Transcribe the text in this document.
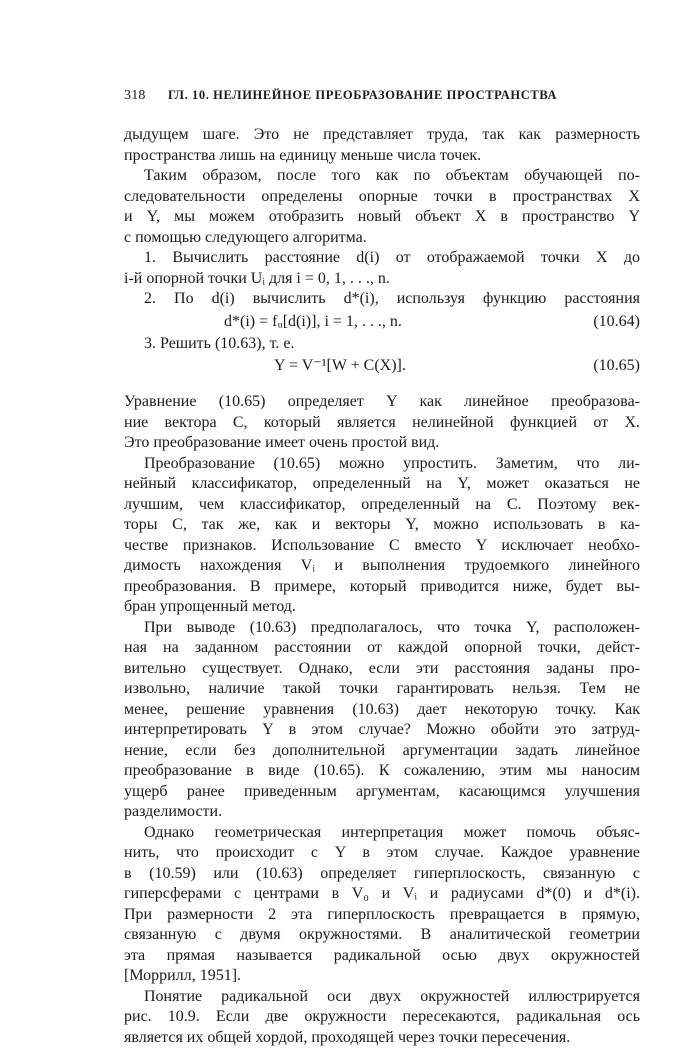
318 ГЛ. 10. НЕЛИНЕЙНОЕ ПРЕОБРАЗОВАНИЕ ПРОСТРАНСТВА
дыдущем шаге. Это не представляет труда, так как размерность
пространства лишь на единицу меньше числа точек.
Таким образом, после того как по объектам обучающей по-
следовательности определены опорные точки в пространствах X
и Y, мы можем отобразить новый объект X в пространство Y
с помощью следующего алгоритма.
1. Вычислить расстояние d(i) от отображаемой точки X до
i-й опорной точки Uᵢ для i = 0, 1, . . ., n.
2. По d(i) вычислить d*(i), используя функцию расстояния
d*(i) = fᵤ[d(i)], i = 1, . . ., n.	(10.64)
3. Решить (10.63), т. е.
Y = V⁻¹[W + C(X)].	(10.65)
Уравнение (10.65) определяет Y как линейное преобразова-
ние вектора C, который является нелинейной функцией от X.
Это преобразование имеет очень простой вид.
Преобразование (10.65) можно упростить. Заметим, что ли-
нейный классификатор, определенный на Y, может оказаться не
лучшим, чем классификатор, определенный на C. Поэтому век-
торы C, так же, как и векторы Y, можно использовать в ка-
честве признаков. Использование C вместо Y исключает необхо-
димость нахождения Vᵢ и выполнения трудоемкого линейного
преобразования. В примере, который приводится ниже, будет вы-
бран упрощенный метод.
При выводе (10.63) предполагалось, что точка Y, расположен-
ная на заданном расстоянии от каждой опорной точки, дейст-
вительно существует. Однако, если эти расстояния заданы про-
извольно, наличие такой точки гарантировать нельзя. Тем не
менее, решение уравнения (10.63) дает некоторую точку. Как
интерпретировать Y в этом случае? Можно обойти это затруд-
нение, если без дополнительной аргументации задать линейное
преобразование в виде (10.65). К сожалению, этим мы наносим
ущерб ранее приведенным аргументам, касающимся улучшения
разделимости.
Однако геометрическая интерпретация может помочь объяс-
нить, что происходит с Y в этом случае. Каждое уравнение
в (10.59) или (10.63) определяет гиперплоскость, связанную с
гиперсферами с центрами в V₀ и Vᵢ и радиусами d*(0) и d*(i).
При размерности 2 эта гиперплоскость превращается в прямую,
связанную с двумя окружностями. В аналитической геометрии
эта прямая называется радикальной осью двух окружностей
[Моррилл, 1951].
Понятие радикальной оси двух окружностей иллюстрируется
рис. 10.9. Если две окружности пересекаются, радикальная ось
является их общей хордой, проходящей через точки пересечения.
